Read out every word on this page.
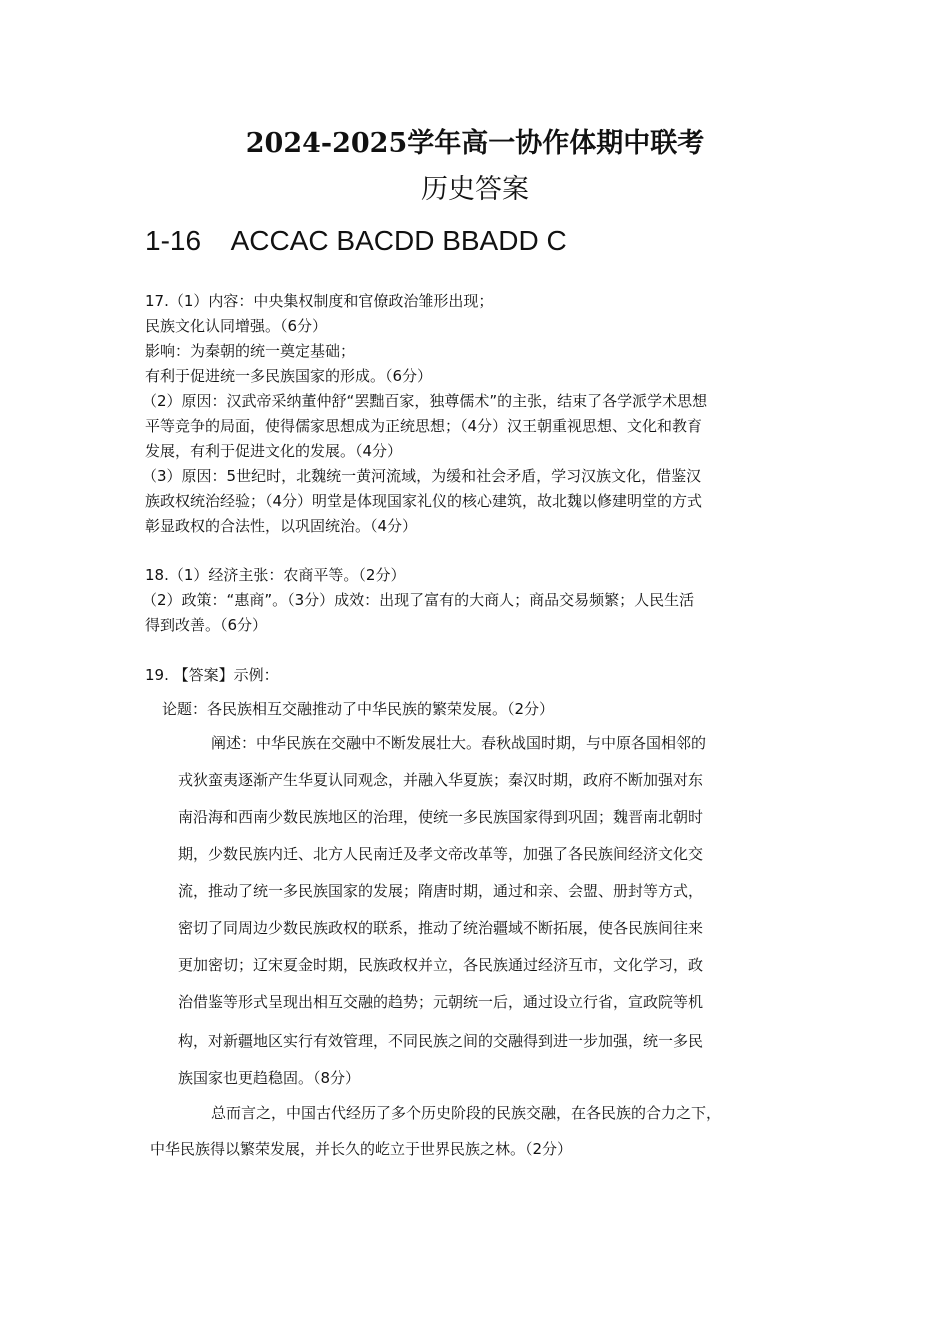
2024-2025学年高一协作体期中联考
历史答案
1-16    ACCAC BACDD BBADD C
17.（1）内容：中央集权制度和官僚政治雏形出现；
民族文化认同增强。（6分）
影响：为秦朝的统一奠定基础；
有利于促进统一多民族国家的形成。（6分）
（2）原因：汉武帝采纳董仲舒“罢黜百家，独尊儒术”的主张，结束了各学派学术思想
平等竞争的局面，使得儒家思想成为正统思想；（4分）汉王朝重视思想、文化和教育
发展，有利于促进文化的发展。（4分）
（3）原因：5世纪时，北魏统一黄河流域，为缓和社会矛盾，学习汉族文化，借鉴汉
族政权统治经验；（4分）明堂是体现国家礼仪的核心建筑，故北魏以修建明堂的方式
彰显政权的合法性，以巩固统治。（4分）
18.（1）经济主张：农商平等。（2分）
（2）政策：“惠商”。（3分）成效：出现了富有的大商人；商品交易频繁；人民生活
得到改善。（6分）
19. 【答案】示例：
论题：各民族相互交融推动了中华民族的繁荣发展。（2分）
阐述：中华民族在交融中不断发展壮大。春秋战国时期，与中原各国相邻的
戎狄蛮夷逐渐产生华夏认同观念，并融入华夏族；秦汉时期，政府不断加强对东
南沿海和西南少数民族地区的治理，使统一多民族国家得到巩固；魏晋南北朝时
期，少数民族内迁、北方人民南迁及孝文帝改革等，加强了各民族间经济文化交
流，推动了统一多民族国家的发展；隋唐时期，通过和亲、会盟、册封等方式，
密切了同周边少数民族政权的联系，推动了统治疆域不断拓展，使各民族间往来
更加密切；辽宋夏金时期，民族政权并立，各民族通过经济互市，文化学习，政
治借鉴等形式呈现出相互交融的趋势；元朝统一后，通过设立行省，宣政院等机
构，对新疆地区实行有效管理，不同民族之间的交融得到进一步加强，统一多民
族国家也更趋稳固。（8分）
总而言之，中国古代经历了多个历史阶段的民族交融，在各民族的合力之下，
中华民族得以繁荣发展，并长久的屹立于世界民族之林。（2分）
